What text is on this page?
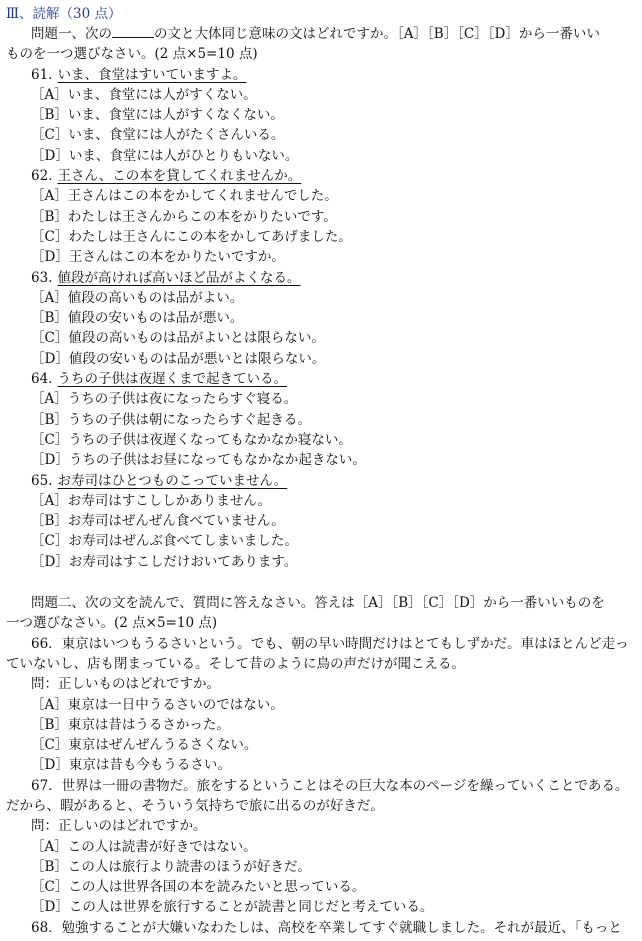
Ⅲ、読解（30 点）
問題一、次の	の文と大体同じ意味の文はどれですか。［A］［B］［C］［D］から一番いい
ものを一つ選びなさい。(2 点×5=10 点)
61. いま、食堂はすいていますよ。
［A］いま、食堂には人がすくない。
［B］いま、食堂には人がすくなくない。
［C］いま、食堂には人がたくさんいる。
［D］いま、食堂には人がひとりもいない。
62. 王さん、この本を貸してくれませんか。
［A］王さんはこの本をかしてくれませんでした。
［B］わたしは王さんからこの本をかりたいです。
［C］わたしは王さんにこの本をかしてあげました。
［D］王さんはこの本をかりたいですか。
63. 値段が高ければ高いほど品がよくなる。
［A］値段の高いものは品がよい。
［B］値段の安いものは品が悪い。
［C］値段の高いものは品がよいとは限らない。
［D］値段の安いものは品が悪いとは限らない。
64. うちの子供は夜遅くまで起きている。
［A］うちの子供は夜になったらすぐ寝る。
［B］うちの子供は朝になったらすぐ起きる。
［C］うちの子供は夜遅くなってもなかなか寝ない。
［D］うちの子供はお昼になってもなかなか起きない。
65. お寿司はひとつものこっていません。
［A］お寿司はすこししかありません。
［B］お寿司はぜんぜん食べていません。
［C］お寿司はぜんぶ食べてしまいました。
［D］お寿司はすこしだけおいてあります。
問題二、次の文を読んで、質問に答えなさい。答えは［A］［B］［C］［D］から一番いいものを
一つ選びなさい。(2 点×5=10 点)
66．東京はいつもうるさいという。でも、朝の早い時間だけはとてもしずかだ。車はほとんど走っ
ていないし、店も閉まっている。そして昔のように鳥の声だけが聞こえる。
問：正しいものはどれですか。
［A］東京は一日中うるさいのではない。
［B］東京は昔はうるさかった。
［C］東京はぜんぜんうるさくない。
［D］東京は昔も今もうるさい。
67．世界は一冊の書物だ。旅をするということはその巨大な本のページを繰っていくことである。
だから、暇があると、そういう気持ちで旅に出るのが好きだ。
問：正しいのはどれですか。
［A］この人は読書が好きではない。
［B］この人は旅行より読書のほうが好きだ。
［C］この人は世界各国の本を読みたいと思っている。
［D］この人は世界を旅行することが読書と同じだと考えている。
68．勉強することが大嫌いなわたしは、高校を卒業してすぐ就職しました。それが最近、「もっと
